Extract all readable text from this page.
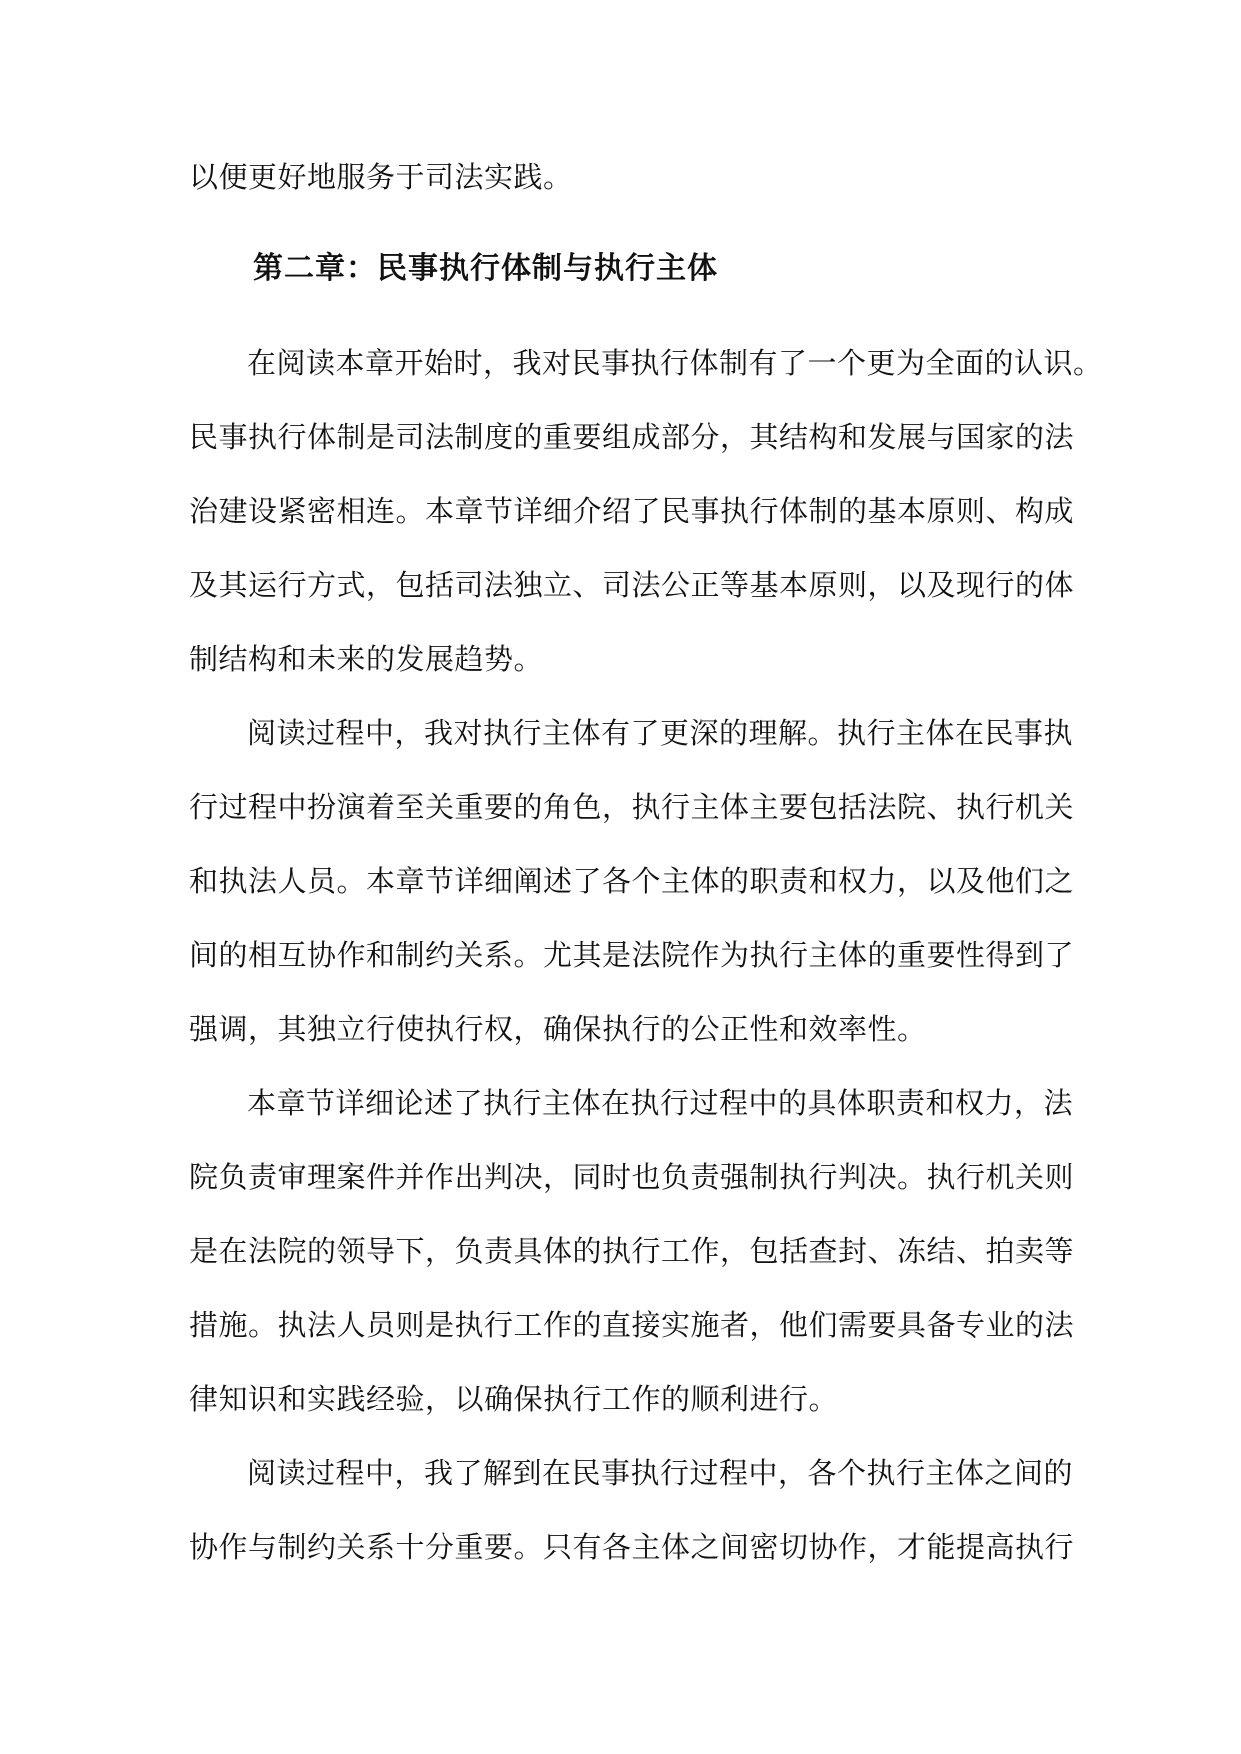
以便更好地服务于司法实践。
第二章：民事执行体制与执行主体
在阅读本章开始时，我对民事执行体制有了一个更为全面的认识。
民事执行体制是司法制度的重要组成部分，其结构和发展与国家的法
治建设紧密相连。本章节详细介绍了民事执行体制的基本原则、构成
及其运行方式，包括司法独立、司法公正等基本原则，以及现行的体
制结构和未来的发展趋势。
阅读过程中，我对执行主体有了更深的理解。执行主体在民事执
行过程中扮演着至关重要的角色，执行主体主要包括法院、执行机关
和执法人员。本章节详细阐述了各个主体的职责和权力，以及他们之
间的相互协作和制约关系。尤其是法院作为执行主体的重要性得到了
强调，其独立行使执行权，确保执行的公正性和效率性。
本章节详细论述了执行主体在执行过程中的具体职责和权力，法
院负责审理案件并作出判决，同时也负责强制执行判决。执行机关则
是在法院的领导下，负责具体的执行工作，包括查封、冻结、拍卖等
措施。执法人员则是执行工作的直接实施者，他们需要具备专业的法
律知识和实践经验，以确保执行工作的顺利进行。
阅读过程中，我了解到在民事执行过程中，各个执行主体之间的
协作与制约关系十分重要。只有各主体之间密切协作，才能提高执行
